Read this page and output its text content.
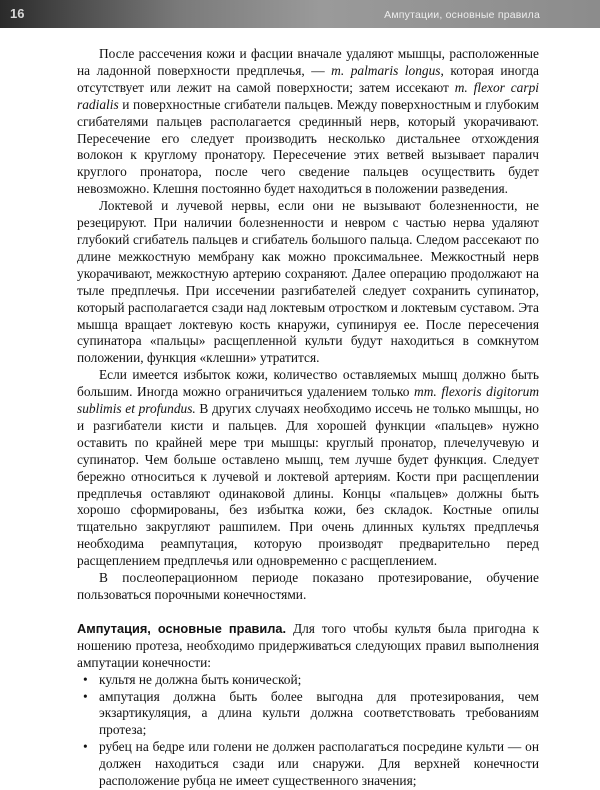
16	Ампутации, основные правила

После рассечения кожи и фасции вначале удаляют мышцы, расположенные на ладонной поверхности предплечья, — m. palmaris longus, которая иногда отсутствует или лежит на самой поверхности; затем иссекают m. flexor carpi radialis и поверхностные сгибатели пальцев. Между поверхностным и глубоким сгибателями пальцев располагается срединный нерв, который укорачивают. Пересечение его следует производить несколько дистальнее отхождения волокон к круглому пронатору. Пересечение этих ветвей вызывает паралич круглого пронатора, после чего сведение пальцев осуществить будет невозможно. Клешня постоянно будет находиться в положении разведения.

Локтевой и лучевой нервы, если они не вызывают болезненности, не резецируют. При наличии болезненности и невром с частью нерва удаляют глубокий сгибатель пальцев и сгибатель большого пальца. Следом рассекают по длине межкостную мембрану как можно проксимальнее. Межкостный нерв укорачивают, межкостную артерию сохраняют. Далее операцию продолжают на тыле предплечья. При иссечении разгибателей следует сохранить супинатор, который располагается сзади над локтевым отростком и локтевым суставом. Эта мышца вращает локтевую кость кнаружи, супинируя ее. После пересечения супинатора «пальцы» расщепленной культи будут находиться в сомкнутом положении, функция «клешни» утратится.

Если имеется избыток кожи, количество оставляемых мышц должно быть большим. Иногда можно ограничиться удалением только mm. flexoris digitorum sublimis et profundus. В других случаях необходимо иссечь не только мышцы, но и разгибатели кисти и пальцев. Для хорошей функции «пальцев» нужно оставить по крайней мере три мышцы: круглый пронатор, плечелучевую и супинатор. Чем больше оставлено мышц, тем лучше будет функция. Следует бережно относиться к лучевой и локтевой артериям. Кости при расщеплении предплечья оставляют одинаковой длины. Концы «пальцев» должны быть хорошо сформированы, без избытка кожи, без складок. Костные опилы тщательно закругляют рашпилем. При очень длинных культях предплечья необходима реампутация, которую производят предварительно перед расщеплением предплечья или одновременно с расщеплением.

В послеоперационном периоде показано протезирование, обучение пользоваться порочными конечностями.

Ампутация, основные правила. Для того чтобы культя была пригодна к ношению протеза, необходимо придерживаться следующих правил выполнения ампутации конечности:

• культя не должна быть конической;
• ампутация должна быть более выгодна для протезирования, чем экзартикуляция, а длина культи должна соответствовать требованиям протеза;
• рубец на бедре или голени не должен располагаться посредине культи — он должен находиться сзади или снаружи. Для верхней конечности расположение рубца не имеет существенного значения;
